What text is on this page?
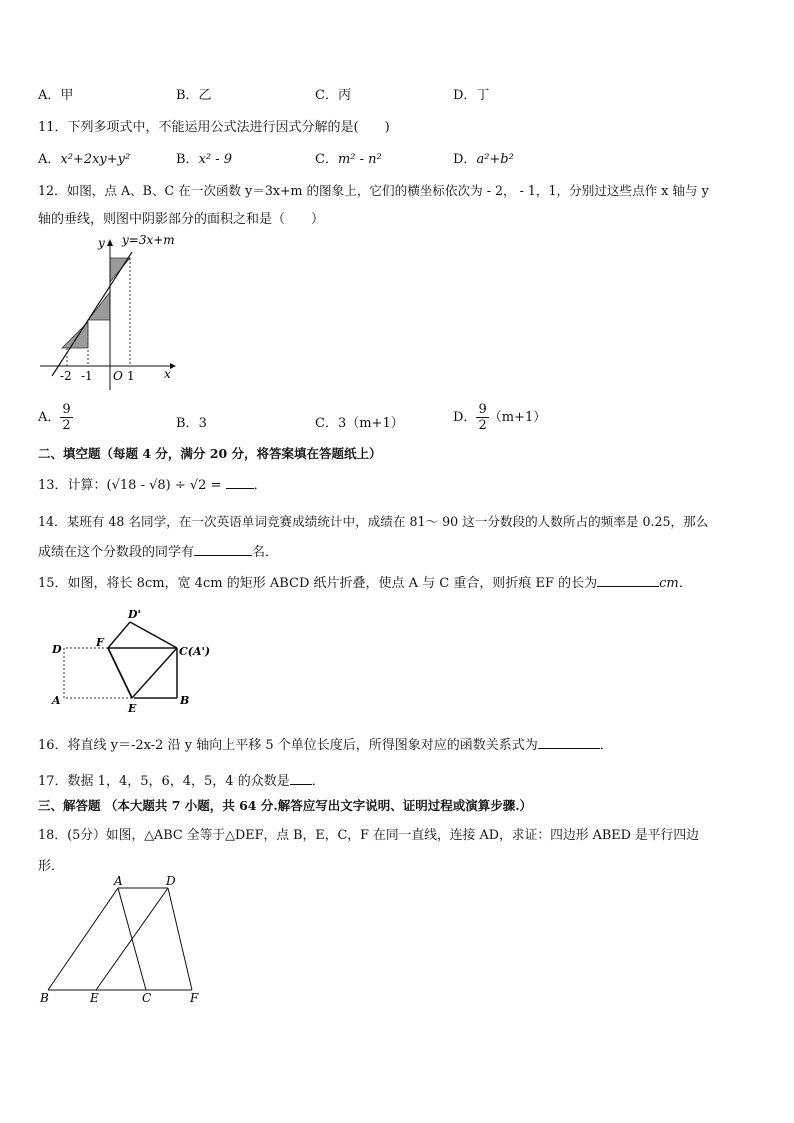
A．甲	B．乙	C．丙	D．丁
11．下列多项式中，不能运用公式法进行因式分解的是(　　)
A．x²+2xy+y²	B．x² - 9	C．m² - n²	D．a²+b²
12．如图，点 A、B、C 在一次函数 y＝3x+m 的图象上，它们的横坐标依次为 - 2， - 1，1，分别过这些点作 x 轴与 y
轴的垂线，则图中阴影部分的面积之和是（　　）
y=3x+m
y
x
O
-2 -1	1
A． $\frac{9}{2}$	B．3	C．3（m+1）	D． $\frac{9}{2} (m+1)$
二、填空题（每题 4 分，满分 20 分，将答案填在答题纸上）
13．计算：(√18 - √8) ÷ √2 = ．
14．某班有 48 名同学，在一次英语单词竞赛成绩统计中，成绩在 81～ 90 这一分数段的人数所占的频率是 0.25，那么
成绩在这个分数段的同学有	名．
15．如图，将长 8cm，宽 4cm 的矩形 ABCD 纸片折叠，使点 A 与 C 重合，则折痕 EF 的长为	cm．
D'
D
F
C(A')
A
E
B
16．将直线 y＝-2x-2 沿 y 轴向上平移 5 个单位长度后，所得图象对应的函数关系式为	．
17．数据 1，4，5，6，4，5，4 的众数是 ．
三、解答题 （本大题共 7 小题，共 64 分.解答应写出文字说明、证明过程或演算步骤.）
18．(5分）如图，△ABC 全等于△DEF，点 B，E，C，F 在同一直线，连接 AD，求证：四边形 ABED 是平行四边
形．
A	D
B	E	C	F
